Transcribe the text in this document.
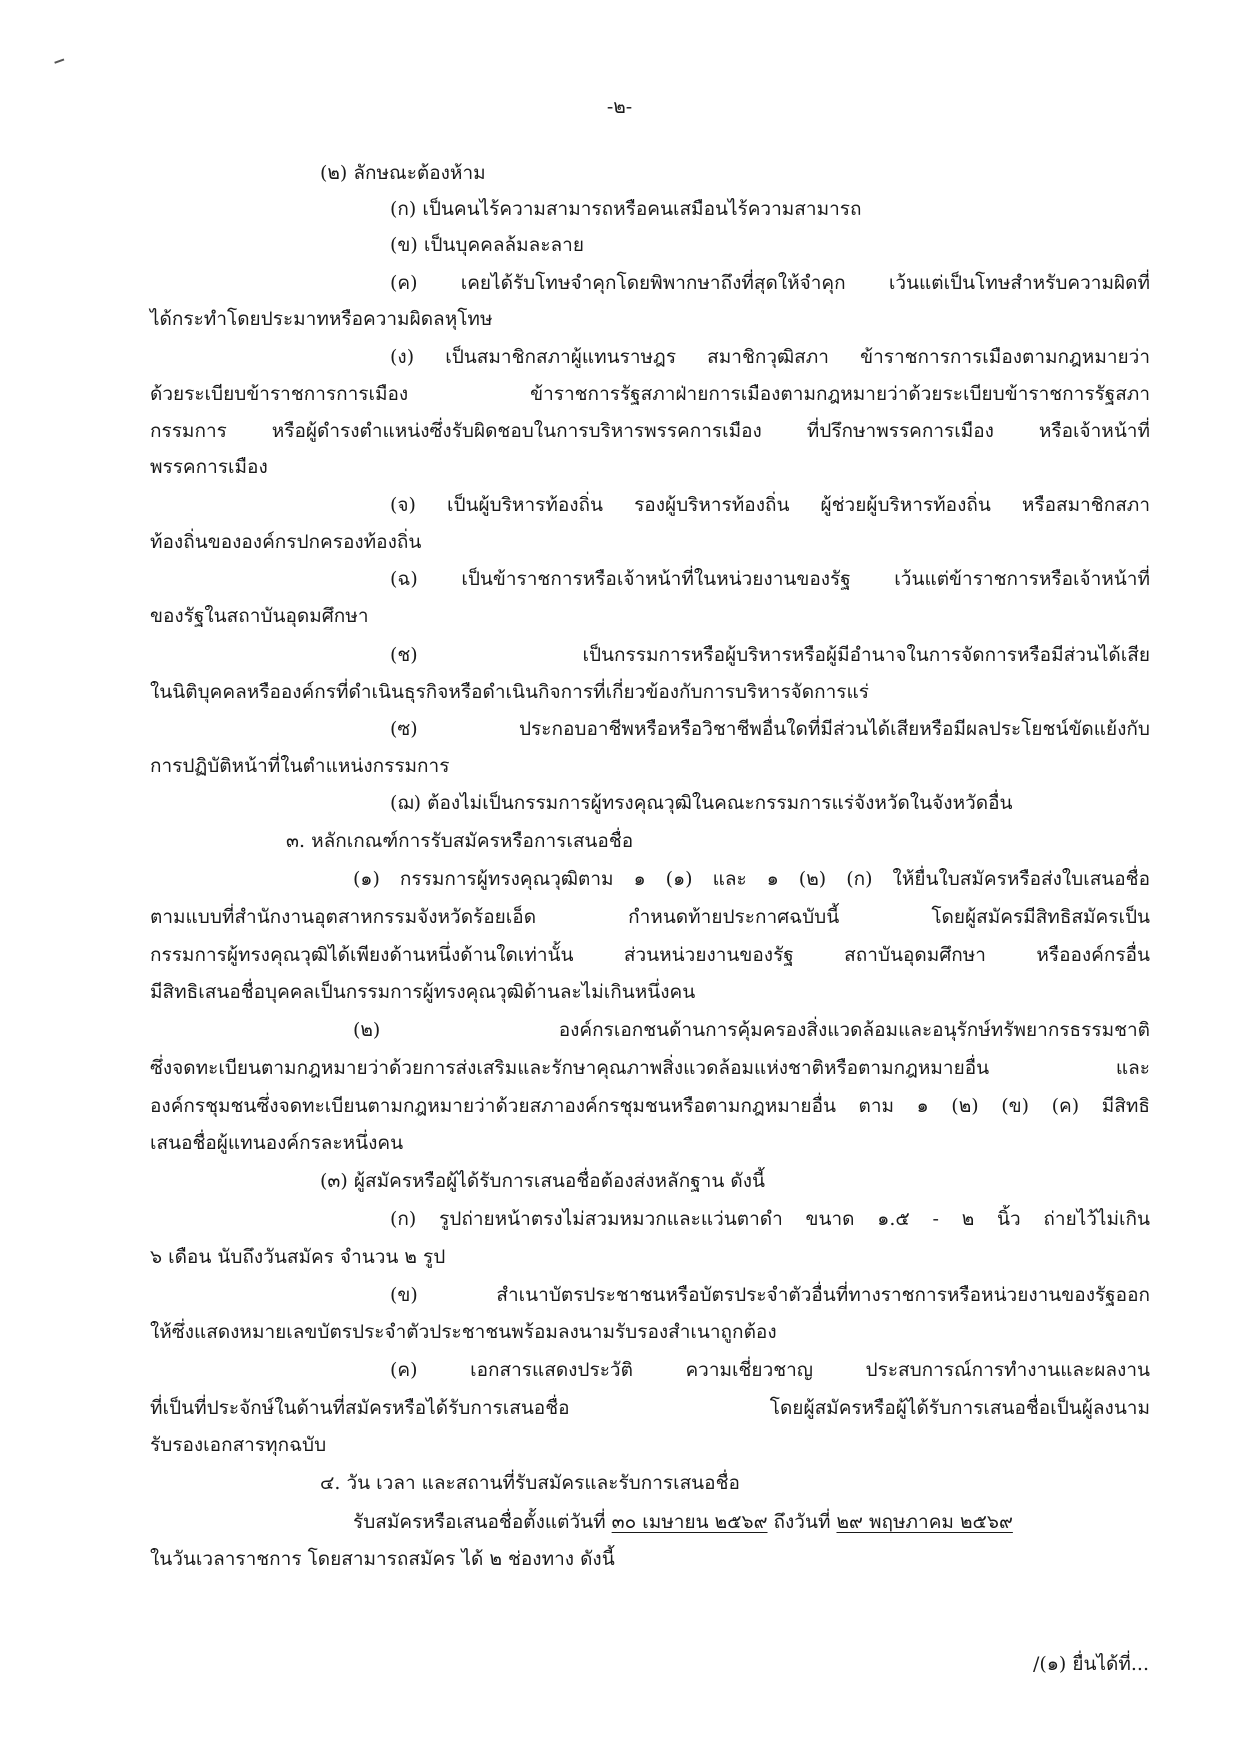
-๒-
(๒) ลักษณะต้องห้าม
(ก) เป็นคนไร้ความสามารถหรือคนเสมือนไร้ความสามารถ
(ข) เป็นบุคคลล้มละลาย
(ค) เคยได้รับโทษจำคุกโดยพิพากษาถึงที่สุดให้จำคุก เว้นแต่เป็นโทษสำหรับความผิดที่
ได้กระทำโดยประมาทหรือความผิดลหุโทษ
(ง) เป็นสมาชิกสภาผู้แทนราษฎร สมาชิกวุฒิสภา ข้าราชการการเมืองตามกฎหมายว่า
ด้วยระเบียบข้าราชการการเมือง ข้าราชการรัฐสภาฝ่ายการเมืองตามกฎหมายว่าด้วยระเบียบข้าราชการรัฐสภา
กรรมการ หรือผู้ดำรงตำแหน่งซึ่งรับผิดชอบในการบริหารพรรคการเมือง ที่ปรึกษาพรรคการเมือง หรือเจ้าหน้าที่
พรรคการเมือง
(จ) เป็นผู้บริหารท้องถิ่น รองผู้บริหารท้องถิ่น ผู้ช่วยผู้บริหารท้องถิ่น หรือสมาชิกสภา
ท้องถิ่นขององค์กรปกครองท้องถิ่น
(ฉ) เป็นข้าราชการหรือเจ้าหน้าที่ในหน่วยงานของรัฐ เว้นแต่ข้าราชการหรือเจ้าหน้าที่
ของรัฐในสถาบันอุดมศึกษา
(ช) เป็นกรรมการหรือผู้บริหารหรือผู้มีอำนาจในการจัดการหรือมีส่วนได้เสีย
ในนิติบุคคลหรือองค์กรที่ดำเนินธุรกิจหรือดำเนินกิจการที่เกี่ยวข้องกับการบริหารจัดการแร่
(ซ) ประกอบอาชีพหรือหรือวิชาชีพอื่นใดที่มีส่วนได้เสียหรือมีผลประโยชน์ขัดแย้งกับ
การปฏิบัติหน้าที่ในตำแหน่งกรรมการ
(ฌ) ต้องไม่เป็นกรรมการผู้ทรงคุณวุฒิในคณะกรรมการแร่จังหวัดในจังหวัดอื่น
๓. หลักเกณฑ์การรับสมัครหรือการเสนอชื่อ
(๑) กรรมการผู้ทรงคุณวุฒิตาม ๑ (๑) และ ๑ (๒) (ก) ให้ยื่นใบสมัครหรือส่งใบเสนอชื่อ
ตามแบบที่สำนักงานอุตสาหกรรมจังหวัดร้อยเอ็ด กำหนดท้ายประกาศฉบับนี้ โดยผู้สมัครมีสิทธิสมัครเป็น
กรรมการผู้ทรงคุณวุฒิได้เพียงด้านหนึ่งด้านใดเท่านั้น ส่วนหน่วยงานของรัฐ สถาบันอุดมศึกษา หรือองค์กรอื่น
มีสิทธิเสนอชื่อบุคคลเป็นกรรมการผู้ทรงคุณวุฒิด้านละไม่เกินหนึ่งคน
(๒) องค์กรเอกชนด้านการคุ้มครองสิ่งแวดล้อมและอนุรักษ์ทรัพยากรธรรมชาติ
ซึ่งจดทะเบียนตามกฎหมายว่าด้วยการส่งเสริมและรักษาคุณภาพสิ่งแวดล้อมแห่งชาติหรือตามกฎหมายอื่น และ
องค์กรชุมชนซึ่งจดทะเบียนตามกฎหมายว่าด้วยสภาองค์กรชุมชนหรือตามกฎหมายอื่น ตาม ๑ (๒) (ข) (ค) มีสิทธิ
เสนอชื่อผู้แทนองค์กรละหนึ่งคน
(๓) ผู้สมัครหรือผู้ได้รับการเสนอชื่อต้องส่งหลักฐาน ดังนี้
(ก) รูปถ่ายหน้าตรงไม่สวมหมวกและแว่นตาดำ ขนาด ๑.๕ - ๒ นิ้ว ถ่ายไว้ไม่เกิน
๖ เดือน นับถึงวันสมัคร จำนวน ๒ รูป
(ข) สำเนาบัตรประชาชนหรือบัตรประจำตัวอื่นที่ทางราชการหรือหน่วยงานของรัฐออก
ให้ซึ่งแสดงหมายเลขบัตรประจำตัวประชาชนพร้อมลงนามรับรองสำเนาถูกต้อง
(ค) เอกสารแสดงประวัติ ความเชี่ยวชาญ ประสบการณ์การทำงานและผลงาน
ที่เป็นที่ประจักษ์ในด้านที่สมัครหรือได้รับการเสนอชื่อ โดยผู้สมัครหรือผู้ได้รับการเสนอชื่อเป็นผู้ลงนาม
รับรองเอกสารทุกฉบับ
๔. วัน เวลา และสถานที่รับสมัครและรับการเสนอชื่อ
รับสมัครหรือเสนอชื่อตั้งแต่วันที่ ๓๐ เมษายน ๒๕๖๙ ถึงวันที่ ๒๙ พฤษภาคม ๒๕๖๙
ในวันเวลาราชการ โดยสามารถสมัคร ได้ ๒ ช่องทาง ดังนี้
/(๑) ยื่นได้ที่...
